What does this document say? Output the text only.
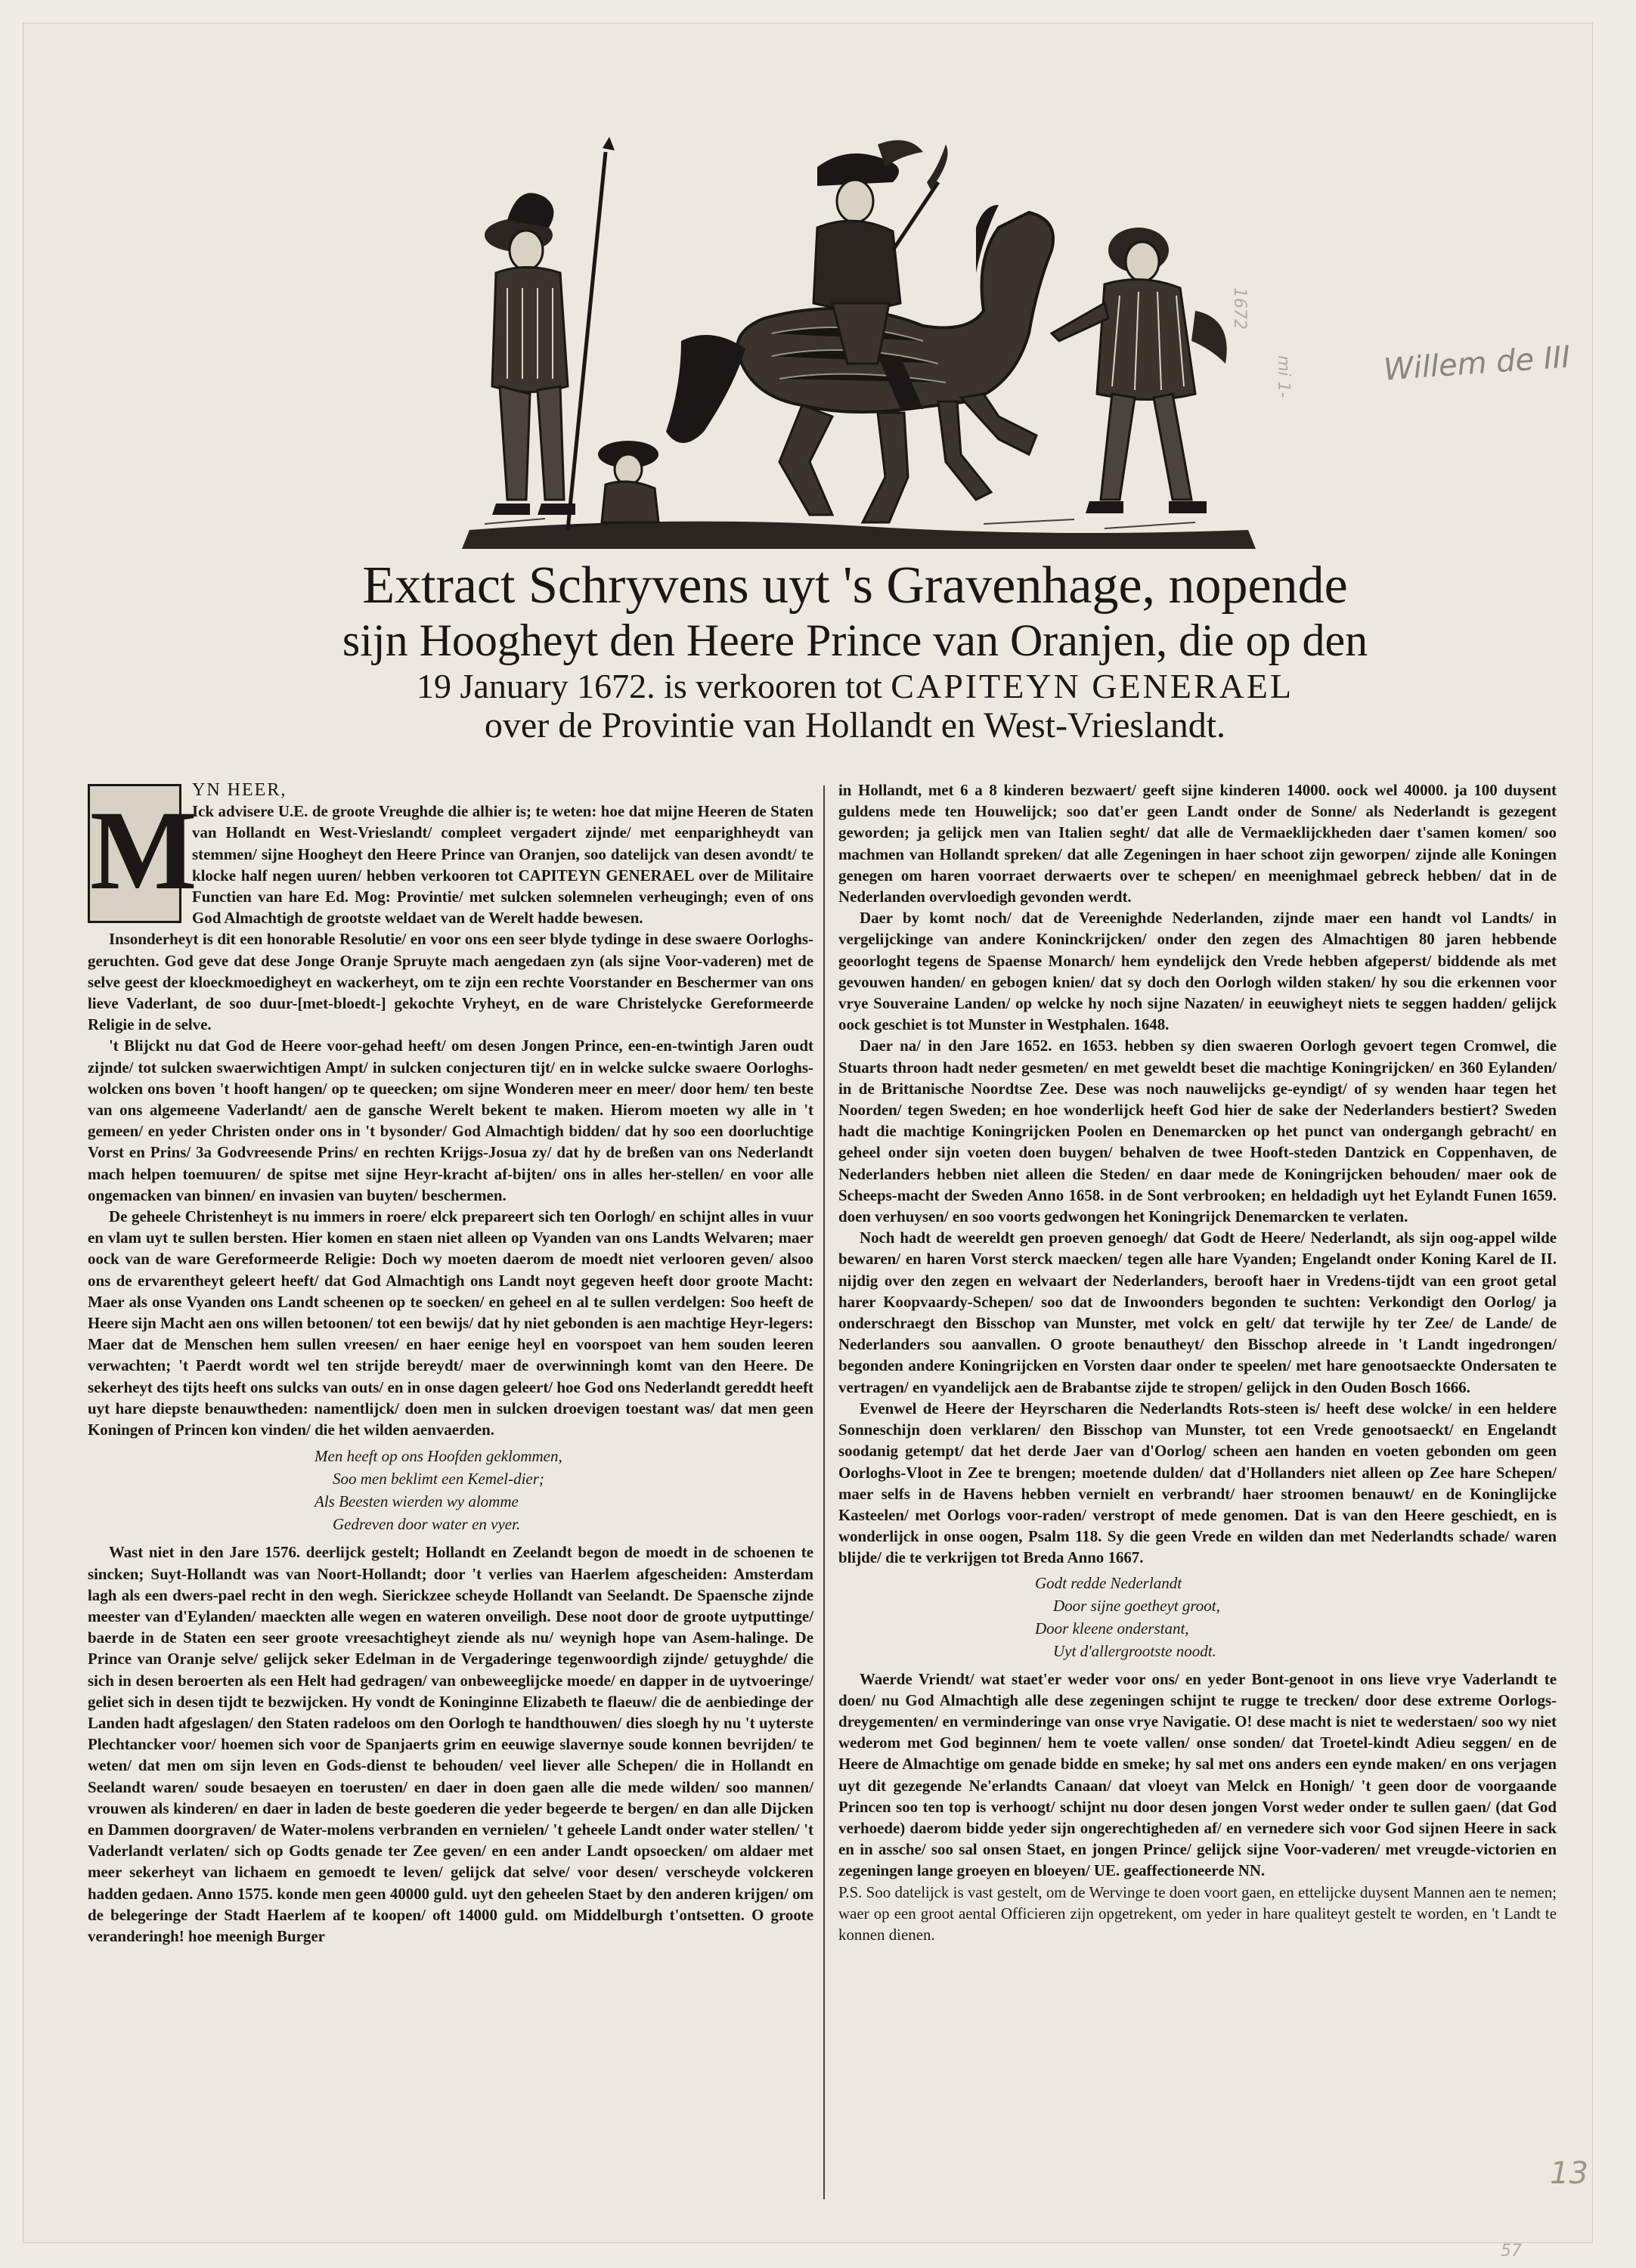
Extract Schryvens uyt 's Gravenhage, nopende
sijn Hoogheyt den Heere Prince van Oranjen, die op den
19 January 1672. is verkooren tot CAPITEYN GENERAEL
over de Provintie van Hollandt en West-Vrieslandt.
M

YN HEER,

Ick advisere U.E. de groote Vreughde die alhier is; te weten: hoe dat mijne Heeren de Staten van Hollandt en West-Vrieslandt/ compleet vergadert zijnde/ met eenparighheydt van stemmen/ sijne Hoogheyt den Heere Prince van Oranjen, soo datelijck van desen avondt/ te klocke half negen uuren/ hebben verkooren tot CAPITEYN GENERAEL over de Militaire Functien van hare Ed. Mog: Provintie/ met sulcken solemnelen verheugingh; even of ons God Almachtigh de grootste weldaet van de Werelt hadde bewesen.

Insonderheyt is dit een honorable Resolutie/ en voor ons een seer blyde tydinge in dese swaere Oorloghs-geruchten. God geve dat dese Jonge Oranje Spruyte mach aengedaen zyn (als sijne Voor-vaderen) met de selve geest der kloeckmoedigheyt en wackerheyt, om te zijn een rechte Voorstander en Beschermer van ons lieve Vaderlant, de soo duur-[met-bloedt-] gekochte Vryheyt, en de ware Christelycke Gereformeerde Religie in de selve.

't Blijckt nu dat God de Heere voor-gehad heeft/ om desen Jongen Prince, een-en-twintigh Jaren oudt zijnde/ tot sulcken swaerwichtigen Ampt/ in sulcken conjecturen tijt/ en in welcke sulcke swaere Oorloghs-wolcken ons boven 't hooft hangen/ op te queecken; om sijne Wonderen meer en meer/ door hem/ ten beste van ons algemeene Vaderlandt/ aen de gansche Werelt bekent te maken. Hierom moeten wy alle in 't gemeen/ en yeder Christen onder ons in 't bysonder/ God Almachtigh bidden/ dat hy soo een doorluchtige Vorst en Prins/ 3a Godvreesende Prins/ en rechten Krijgs-Josua zy/ dat hy de breßen van ons Nederlandt mach helpen toemuuren/ de spitse met sijne Heyr-kracht af-bijten/ ons in alles her-stellen/ en voor alle ongemacken van binnen/ en invasien van buyten/ beschermen.

De geheele Christenheyt is nu immers in roere/ elck prepareert sich ten Oorlogh/ en schijnt alles in vuur en vlam uyt te sullen bersten. Hier komen en staen niet alleen op Vyanden van ons Landts Welvaren; maer oock van de ware Gereformeerde Religie: Doch wy moeten daerom de moedt niet verlooren geven/ alsoo ons de ervarentheyt geleert heeft/ dat God Almachtigh ons Landt noyt gegeven heeft door groote Macht: Maer als onse Vyanden ons Landt scheenen op te soecken/ en geheel en al te sullen verdelgen: Soo heeft de Heere sijn Macht aen ons willen betoonen/ tot een bewijs/ dat hy niet gebonden is aen machtige Heyr-legers: Maer dat de Menschen hem sullen vreesen/ en haer eenige heyl en voorspoet van hem souden leeren verwachten; 't Paerdt wordt wel ten strijde bereydt/ maer de overwinningh komt van den Heere. De sekerheyt des tijts heeft ons sulcks van outs/ en in onse dagen geleert/ hoe God ons Nederlandt gereddt heeft uyt hare diepste benauwtheden: namentlijck/ doen men in sulcken droevigen toestant was/ dat men geen Koningen of Princen kon vinden/ die het wilden aenvaerden.

Men heeft op ons Hoofden geklommen,

Soo men beklimt een Kemel-dier;

Als Beesten wierden wy alomme

Gedreven door water en vyer.

Wast niet in den Jare 1576. deerlijck gestelt; Hollandt en Zeelandt begon de moedt in de schoenen te sincken; Suyt-Hollandt was van Noort-Hollandt; door 't verlies van Haerlem afgescheiden: Amsterdam lagh als een dwers-pael recht in den wegh. Sierickzee scheyde Hollandt van Seelandt. De Spaensche zijnde meester van d'Eylanden/ maeckten alle wegen en wateren onveiligh. Dese noot door de groote uytputtinge/ baerde in de Staten een seer groote vreesachtigheyt ziende als nu/ weynigh hope van Asem-halinge. De Prince van Oranje selve/ gelijck seker Edelman in de Vergaderinge tegenwoordigh zijnde/ getuyghde/ die sich in desen beroerten als een Helt had gedragen/ van onbeweeglijcke moede/ en dapper in de uytvoeringe/ geliet sich in desen tijdt te bezwijcken. Hy vondt de Koninginne Elizabeth te flaeuw/ die de aenbiedinge der Landen hadt afgeslagen/ den Staten radeloos om den Oorlogh te handthouwen/ dies sloegh hy nu 't uyterste Plechtancker voor/ hoemen sich voor de Spanjaerts grim en eeuwige slavernye soude konnen bevrijden/ te weten/ dat men om sijn leven en Gods-dienst te behouden/ veel liever alle Schepen/ die in Hollandt en Seelandt waren/ soude besaeyen en toerusten/ en daer in doen gaen alle die mede wilden/ soo mannen/ vrouwen als kinderen/ en daer in laden de beste goederen die yeder begeerde te bergen/ en dan alle Dijcken en Dammen doorgraven/ de Water-molens verbranden en vernielen/ 't geheele Landt onder water stellen/ 't Vaderlandt verlaten/ sich op Godts genade ter Zee geven/ en een ander Landt opsoecken/ om aldaer met meer sekerheyt van lichaem en gemoedt te leven/ gelijck dat selve/ voor desen/ verscheyde volckeren hadden gedaen. Anno 1575. konde men geen 40000 guld. uyt den geheelen Staet by den anderen krijgen/ om de belegeringe der Stadt Haerlem af te koopen/ oft 14000 guld. om Middelburgh t'ontsetten. O groote veranderingh! hoe meenigh Burger

in Hollandt, met 6 a 8 kinderen bezwaert/ geeft sijne kinderen 14000. oock wel 40000. ja 100 duysent guldens mede ten Houwelijck; soo dat'er geen Landt onder de Sonne/ als Nederlandt is gezegent geworden; ja gelijck men van Italien seght/ dat alle de Vermaeklijckheden daer t'samen komen/ soo machmen van Hollandt spreken/ dat alle Zegeningen in haer schoot zijn geworpen/ zijnde alle Koningen genegen om haren voorraet derwaerts over te schepen/ en meenighmael gebreck hebben/ dat in de Nederlanden overvloedigh gevonden werdt.

Daer by komt noch/ dat de Vereenighde Nederlanden, zijnde maer een handt vol Landts/ in vergelijckinge van andere Koninckrijcken/ onder den zegen des Almachtigen 80 jaren hebbende geoorloght tegens de Spaense Monarch/ hem eyndelijck den Vrede hebben afgeperst/ biddende als met gevouwen handen/ en gebogen knien/ dat sy doch den Oorlogh wilden staken/ hy sou die erkennen voor vrye Souveraine Landen/ op welcke hy noch sijne Nazaten/ in eeuwigheyt niets te seggen hadden/ gelijck oock geschiet is tot Munster in Westphalen. 1648.

Daer na/ in den Jare 1652. en 1653. hebben sy dien swaeren Oorlogh gevoert tegen Cromwel, die Stuarts throon hadt neder gesmeten/ en met geweldt beset die machtige Koningrijcken/ en 360 Eylanden/ in de Brittanische Noordtse Zee. Dese was noch nauwelijcks ge-eyndigt/ of sy wenden haar tegen het Noorden/ tegen Sweden; en hoe wonderlijck heeft God hier de sake der Nederlanders bestiert? Sweden hadt die machtige Koningrijcken Poolen en Denemarcken op het punct van ondergangh gebracht/ en geheel onder sijn voeten doen buygen/ behalven de twee Hooft-steden Dantzick en Coppenhaven, de Nederlanders hebben niet alleen die Steden/ en daar mede de Koningrijcken behouden/ maer ook de Scheeps-macht der Sweden Anno 1658. in de Sont verbrooken; en heldadigh uyt het Eylandt Funen 1659. doen verhuysen/ en soo voorts gedwongen het Koningrijck Denemarcken te verlaten.

Noch hadt de weereldt gen proeven genoegh/ dat Godt de Heere/ Nederlandt, als sijn oog-appel wilde bewaren/ en haren Vorst sterck maecken/ tegen alle hare Vyanden; Engelandt onder Koning Karel de II. nijdig over den zegen en welvaart der Nederlanders, berooft haer in Vredens-tijdt van een groot getal harer Koopvaardy-Schepen/ soo dat de Inwoonders begonden te suchten: Verkondigt den Oorlog/ ja onderschraegt den Bisschop van Munster, met volck en gelt/ dat terwijle hy ter Zee/ de Lande/ de Nederlanders sou aanvallen. O groote benautheyt/ den Bisschop alreede in 't Landt ingedrongen/ begonden andere Koningrijcken en Vorsten daar onder te speelen/ met hare genootsaeckte Ondersaten te vertragen/ en vyandelijck aen de Brabantse zijde te stropen/ gelijck in den Ouden Bosch 1666.

Evenwel de Heere der Heyrscharen die Nederlandts Rots-steen is/ heeft dese wolcke/ in een heldere Sonneschijn doen verklaren/ den Bisschop van Munster, tot een Vrede genootsaeckt/ en Engelandt soodanig getempt/ dat het derde Jaer van d'Oorlog/ scheen aen handen en voeten gebonden om geen Oorloghs-Vloot in Zee te brengen; moetende dulden/ dat d'Hollanders niet alleen op Zee hare Schepen/ maer selfs in de Havens hebben vernielt en verbrandt/ haer stroomen benauwt/ en de Koninglijcke Kasteelen/ met Oorlogs voor-raden/ verstropt of mede genomen. Dat is van den Heere geschiedt, en is wonderlijck in onse oogen, Psalm 118. Sy die geen Vrede en wilden dan met Nederlandts schade/ waren blijde/ die te verkrijgen tot Breda Anno 1667.

Godt redde Nederlandt

Door sijne goetheyt groot,

Door kleene onderstant,

Uyt d'allergrootste noodt.

Waerde Vriendt/ wat staet'er weder voor ons/ en yeder Bont-genoot in ons lieve vrye Vaderlandt te doen/ nu God Almachtigh alle dese zegeningen schijnt te rugge te trecken/ door dese extreme Oorlogs-dreygementen/ en verminderinge van onse vrye Navigatie. O! dese macht is niet te wederstaen/ soo wy niet wederom met God beginnen/ hem te voete vallen/ onse sonden/ dat Troetel-kindt Adieu seggen/ en de Heere de Almachtige om genade bidde en smeke; hy sal met ons anders een eynde maken/ en ons verjagen uyt dit gezegende Ne'erlandts Canaan/ dat vloeyt van Melck en Honigh/ 't geen door de voorgaande Princen soo ten top is verhoogt/ schijnt nu door desen jongen Vorst weder onder te sullen gaen/ (dat God verhoede) daerom bidde yeder sijn ongerechtigheden af/ en vernedere sich voor God sijnen Heere in sack en in assche/ soo sal onsen Staet, en jongen Prince/ gelijck sijne Voor-vaderen/ met vreugde-victorien en zegeningen lange groeyen en bloeyen/ UE. geaffectioneerde NN.

P.S. Soo datelijck is vast gestelt, om de Wervinge te doen voort gaen, en ettelijcke duysent Mannen aen te nemen; waer op een groot aental Officieren zijn opgetrekent, om yeder in hare qualiteyt gestelt te worden, en 't Landt te konnen dienen.

Willem de III
1672
mi 1-
13
57
